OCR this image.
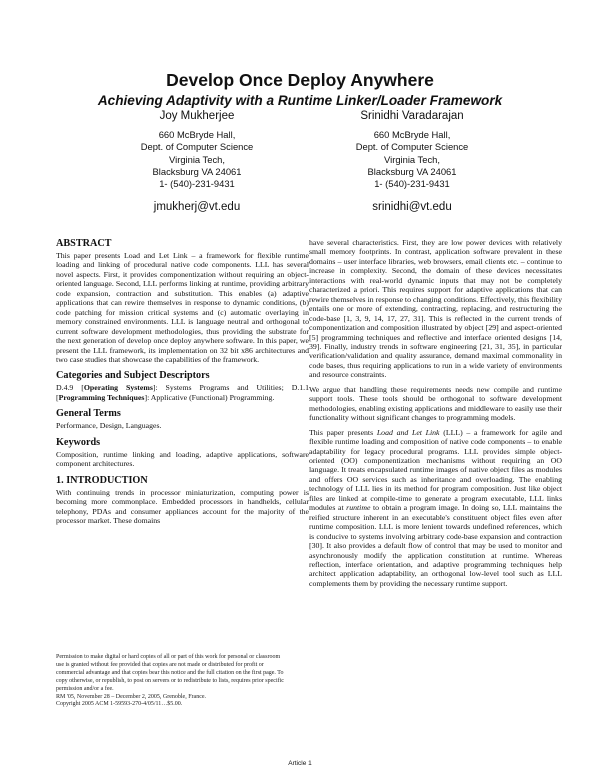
Develop Once Deploy Anywhere
Achieving Adaptivity with a Runtime Linker/Loader Framework
Joy Mukherjee
660 McBryde Hall,
Dept. of Computer Science
Virginia Tech,
Blacksburg VA 24061
1- (540)-231-9431
jmukherj@vt.edu
Srinidhi Varadarajan
660 McBryde Hall,
Dept. of Computer Science
Virginia Tech,
Blacksburg VA 24061
1- (540)-231-9431
srinidhi@vt.edu
ABSTRACT

This paper presents Load and Let Link – a framework for flexible runtime loading and linking of procedural native code components. LLL has several novel aspects. First, it provides componentization without requiring an object-oriented language. Second, LLL performs linking at runtime, providing arbitrary code expansion, contraction and substitution. This enables (a) adaptive applications that can rewire themselves in response to dynamic conditions, (b) code patching for mission critical systems and (c) automatic overlaying in memory constrained environments. LLL is language neutral and orthogonal to current software development methodologies, thus providing the substrate for the next generation of develop once deploy anywhere software. In this paper, we present the LLL framework, its implementation on 32 bit x86 architectures and two case studies that showcase the capabilities of the framework.

Categories and Subject Descriptors

D.4.9 [Operating Systems]: Systems Programs and Utilities; D.1.1 [Programming Techniques]: Applicative (Functional) Programming.

General Terms

Performance, Design, Languages.

Keywords

Composition, runtime linking and loading, adaptive applications, software component architectures.

1. INTRODUCTION

With continuing trends in processor miniaturization, computing power is becoming more commonplace. Embedded processors in handhelds, cellular telephony, PDAs and consumer appliances account for the majority of the processor market. These domains

Permission to make digital or hard copies of all or part of this work for personal or classroom use is granted without fee provided that copies are not made or distributed for profit or commercial advantage and that copies bear this notice and the full citation on the first page. To copy otherwise, or republish, to post on servers or to redistribute to lists, requires prior specific permission and/or a fee.

RM '05, November 28 – December 2, 2005, Grenoble, France.

Copyright 2005 ACM 1-59593-270-4/05/11…$5.00.

have several characteristics. First, they are low power devices with relatively small memory footprints. In contrast, application software prevalent in these domains – user interface libraries, web browsers, email clients etc. – continue to increase in complexity. Second, the domain of these devices necessitates interactions with real-world dynamic inputs that may not be completely characterized a priori. This requires support for adaptive applications that can rewire themselves in response to changing conditions. Effectively, this flexibility entails one or more of extending, contracting, replacing, and restructuring the code-base [1, 3, 9, 14, 17, 27, 31]. This is reflected in the current trends of componentization and composition illustrated by object [29] and aspect-oriented [5] programming techniques and reflective and interface oriented designs [14, 39]. Finally, industry trends in software engineering [21, 31, 35], in particular verification/validation and quality assurance, demand maximal commonality in code bases, thus requiring applications to run in a wide variety of environments and resource constraints.

We argue that handling these requirements needs new compile and runtime support tools. These tools should be orthogonal to software development methodologies, enabling existing applications and middleware to easily use their functionality without significant changes to programming models.

This paper presents Load and Let Link (LLL) – a framework for agile and flexible runtime loading and composition of native code components – to enable adaptability for legacy procedural programs. LLL provides simple object-oriented (OO) componentization mechanisms without requiring an OO language. It treats encapsulated runtime images of native object files as modules and offers OO services such as inheritance and overloading. The enabling technology of LLL lies in its method for program composition. Just like object files are linked at compile-time to generate a program executable, LLL links modules at runtime to obtain a program image. In doing so, LLL maintains the reified structure inherent in an executable's constituent object files even after runtime composition. LLL is more lenient towards undefined references, which is conducive to systems involving arbitrary code-base expansion and contraction [30]. It also provides a default flow of control that may be used to monitor and asynchronously modify the application constitution at runtime. Whereas reflection, interface orientation, and adaptive programming techniques help architect application adaptability, an orthogonal low-level tool such as LLL complements them by providing the necessary runtime support.

Article 1
